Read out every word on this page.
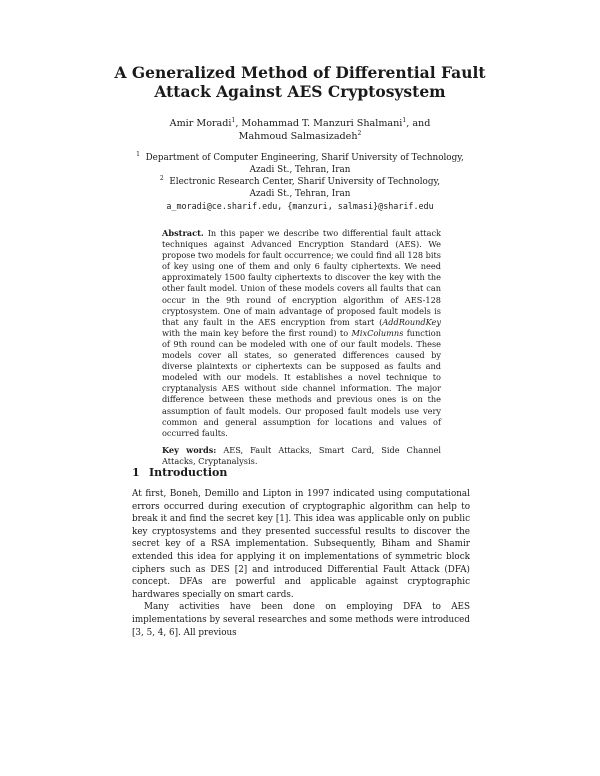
A Generalized Method of Differential Fault
Attack Against AES Cryptosystem
Amir Moradi$^1$, Mohammad T. Manzuri Shalmani$^1$, and
Mahmoud Salmasizadeh$^2$
$^1$ Department of Computer Engineering, Sharif University of Technology,
Azadi St., Tehran, Iran
$^2$ Electronic Research Center, Sharif University of Technology,
Azadi St., Tehran, Iran
a_moradi@ce.sharif.edu, {manzuri, salmasi}@sharif.edu

Abstract. In this paper we describe two differential fault attack techniques against Advanced Encryption Standard (AES). We propose two models for fault occurrence; we could find all 128 bits of key using one of them and only 6 faulty ciphertexts. We need approximately 1500 faulty ciphertexts to discover the key with the other fault model. Union of these models covers all faults that can occur in the 9th round of encryption algorithm of AES-128 cryptosystem. One of main advantage of proposed fault models is that any fault in the AES encryption from start (AddRoundKey with the main key before the first round) to MixColumns function of 9th round can be modeled with one of our fault models. These models cover all states, so generated differences caused by diverse plaintexts or ciphertexts can be supposed as faults and modeled with our models. It establishes a novel technique to cryptanalysis AES without side channel information. The major difference between these methods and previous ones is on the assumption of fault models. Our proposed fault models use very common and general assumption for locations and values of occurred faults.

Key words: AES, Fault Attacks, Smart Card, Side Channel Attacks, Cryptanalysis.

1 Introduction

At first, Boneh, Demillo and Lipton in 1997 indicated using computational errors occurred during execution of cryptographic algorithm can help to break it and find the secret key [1]. This idea was applicable only on public key cryptosystems and they presented successful results to discover the secret key of a RSA implementation. Subsequently, Biham and Shamir extended this idea for applying it on implementations of symmetric block ciphers such as DES [2] and introduced Differential Fault Attack (DFA) concept. DFAs are powerful and applicable against cryptographic hardwares specially on smart cards.

Many activities have been done on employing DFA to AES implementations by several researches and some methods were introduced [3, 5, 4, 6]. All previous
